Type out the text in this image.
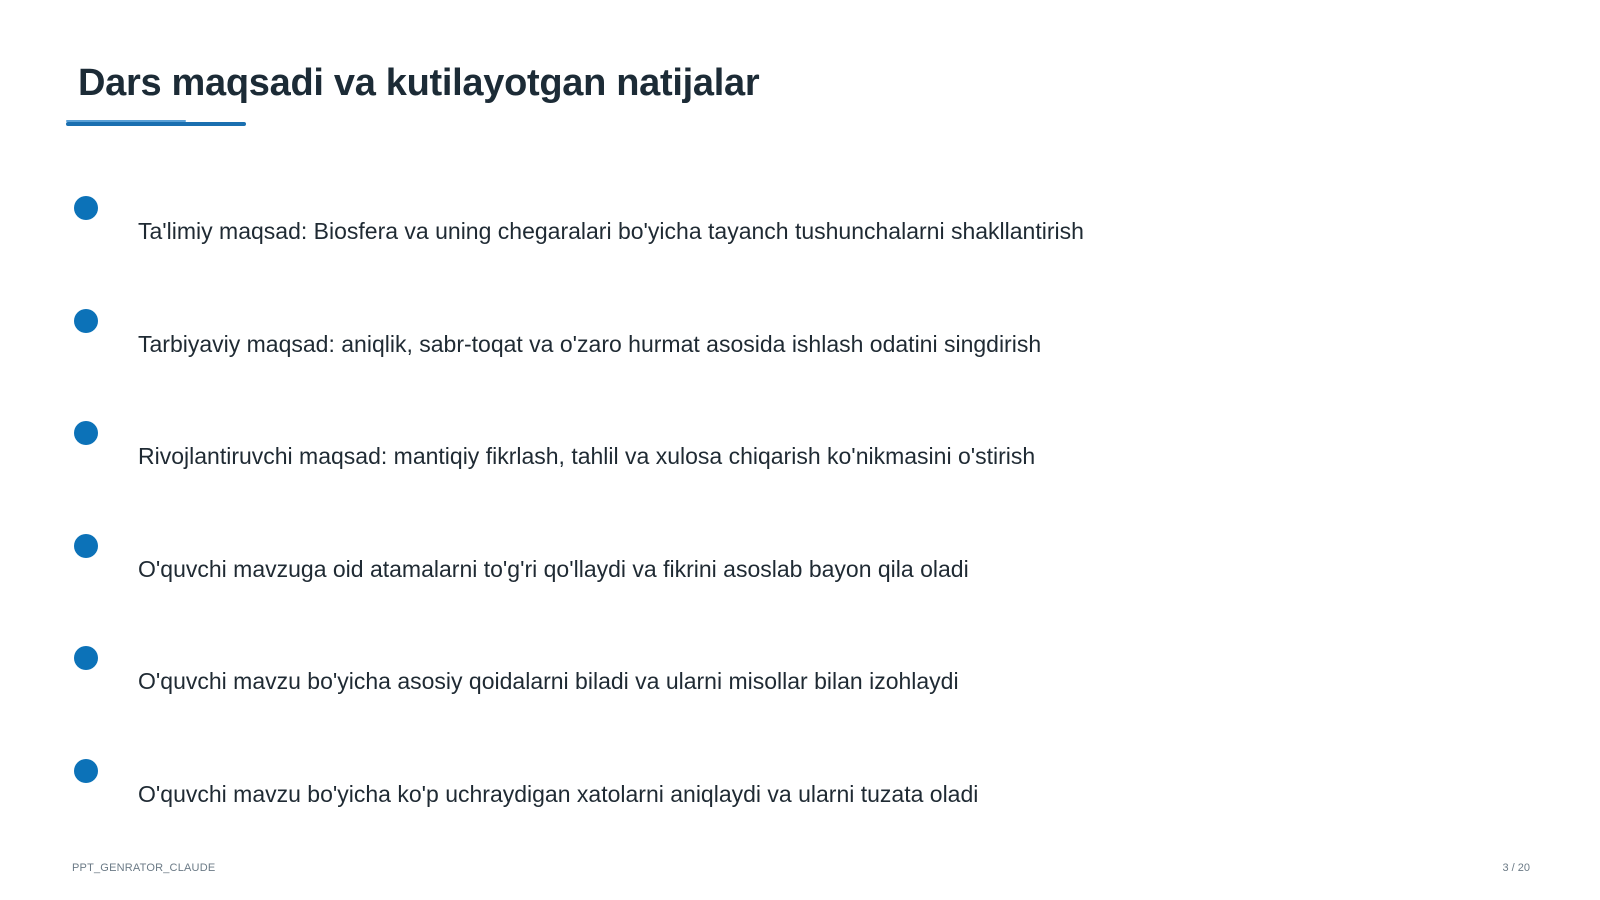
Dars maqsadi va kutilayotgan natijalar
Ta'limiy maqsad: Biosfera va uning chegaralari bo'yicha tayanch tushunchalarni shakllantirish
Tarbiyaviy maqsad: aniqlik, sabr-toqat va o'zaro hurmat asosida ishlash odatini singdirish
Rivojlantiruvchi maqsad: mantiqiy fikrlash, tahlil va xulosa chiqarish ko'nikmasini o'stirish
O'quvchi mavzuga oid atamalarni to'g'ri qo'llaydi va fikrini asoslab bayon qila oladi
O'quvchi mavzu bo'yicha asosiy qoidalarni biladi va ularni misollar bilan izohlaydi
O'quvchi mavzu bo'yicha ko'p uchraydigan xatolarni aniqlaydi va ularni tuzata oladi
PPT_GENRATOR_CLAUDE	3 / 20
